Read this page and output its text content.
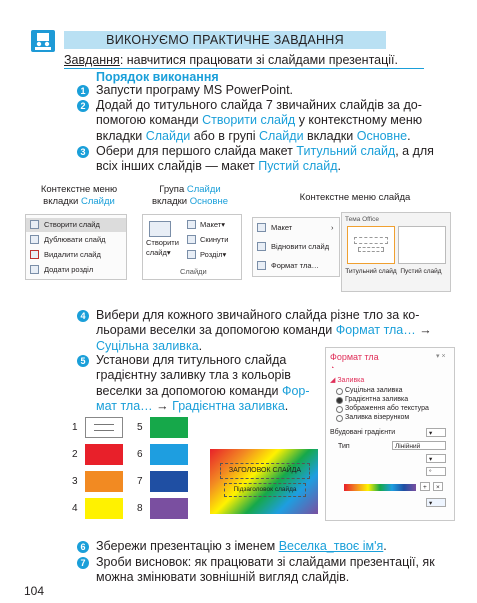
ВИКОНУЄМО ПРАКТИЧНЕ ЗАВДАННЯ
Завдання: навчитися працювати зі слайдами презентації.
Порядок виконання
1 Запусти програму MS PowerPoint.
2 Додай до титульного слайда 7 звичайних слайдів за до-
помогою команди Створити слайд у контекстному меню
вкладки Слайди або в групі Слайди вкладки Основне.
3 Обери для першого слайда макет Титульний слайд, а для
всіх інших слайдів — макет Пустий слайд.
Контекстне меню
вкладки Слайди
Група Слайди
вкладки Основне	Контекстне меню слайда
Створити слайд
Дублювати слайд
Видалити слайд
Додати розділ
Створити
слайд▾
Макет▾
Скинути
Розділ▾
Слайди
Макет	›
Відновити слайд
Формат тла…
Тема Office
Титульний слайд Пустий слайд
4 Вибери для кожного звичайного слайда різне тло за ко-
льорами веселки за допомогою команди Формат тла… →
Суцільна заливка.
5 Установи для титульного слайда
градієнтну заливку тла з кольорів
веселки за допомогою команди Фор-
мат тла… → Градієнтна заливка.
1
2
3
4
5
6
7
8
ЗАГОЛОВОК СЛАЙДА
Підзаголовок слайда
Формат тла	▾ ×
◔
◢ Заливка
Суцільна заливка
Градієнтна заливка
Зображення або текстура
Заливка візерунком
Вбудовані градієнти	▾
Тип	Лінійний
▾
°
+	×
▾
6 Збережи презентацію з іменем Веселка_твоє ім'я.
7 Зроби висновок: як працювати зі слайдами презентації, як
можна змінювати зовнішній вигляд слайдів.
104
